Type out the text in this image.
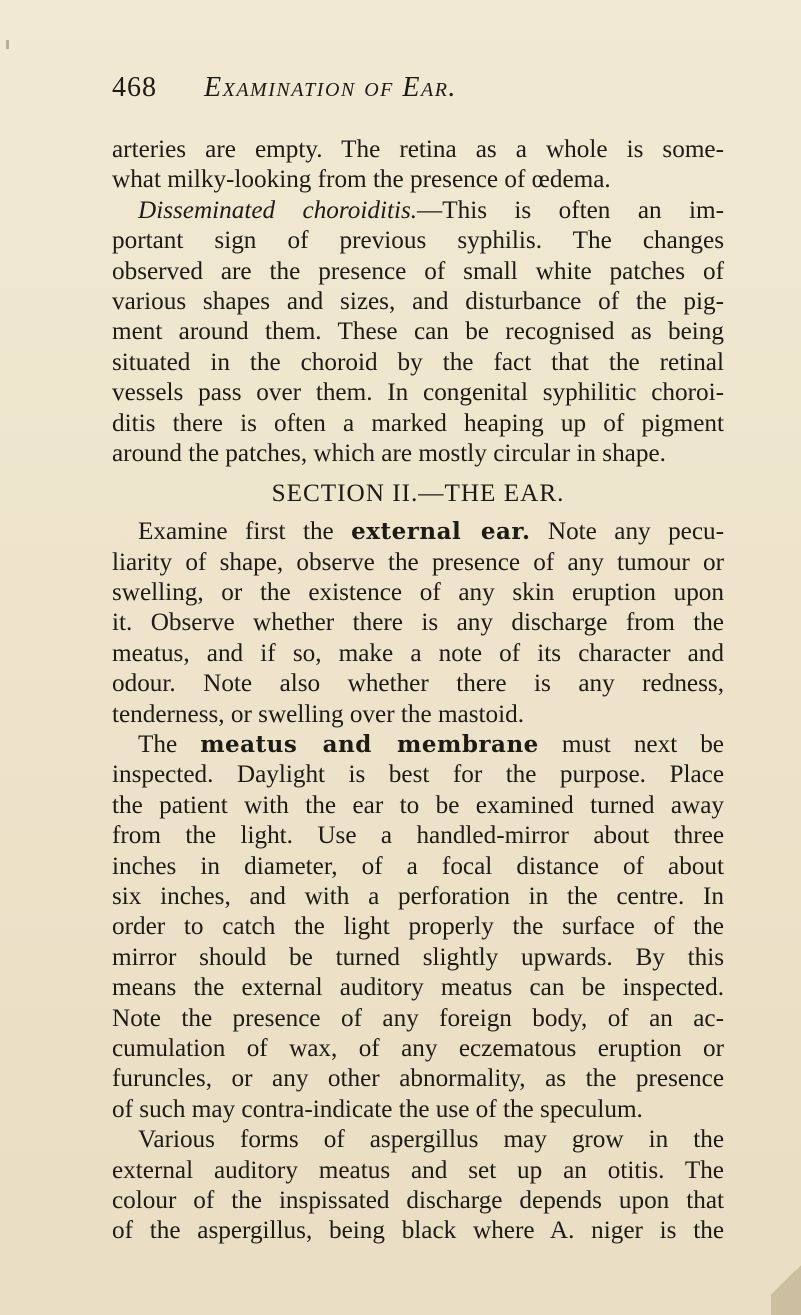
468 Examination of Ear.
arteries are empty. The retina as a whole is some-
what milky-looking from the presence of œdema.
Disseminated choroiditis.—This is often an im-
portant sign of previous syphilis. The changes
observed are the presence of small white patches of
various shapes and sizes, and disturbance of the pig-
ment around them. These can be recognised as being
situated in the choroid by the fact that the retinal
vessels pass over them. In congenital syphilitic choroi-
ditis there is often a marked heaping up of pigment
around the patches, which are mostly circular in shape.
SECTION II.—THE EAR.
Examine first the external ear. Note any pecu-
liarity of shape, observe the presence of any tumour or
swelling, or the existence of any skin eruption upon
it. Observe whether there is any discharge from the
meatus, and if so, make a note of its character and
odour. Note also whether there is any redness,
tenderness, or swelling over the mastoid.
The meatus and membrane must next be
inspected. Daylight is best for the purpose. Place
the patient with the ear to be examined turned away
from the light. Use a handled-mirror about three
inches in diameter, of a focal distance of about
six inches, and with a perforation in the centre. In
order to catch the light properly the surface of the
mirror should be turned slightly upwards. By this
means the external auditory meatus can be inspected.
Note the presence of any foreign body, of an ac-
cumulation of wax, of any eczematous eruption or
furuncles, or any other abnormality, as the presence
of such may contra-indicate the use of the speculum.
Various forms of aspergillus may grow in the
external auditory meatus and set up an otitis. The
colour of the inspissated discharge depends upon that
of the aspergillus, being black where A. niger is the
